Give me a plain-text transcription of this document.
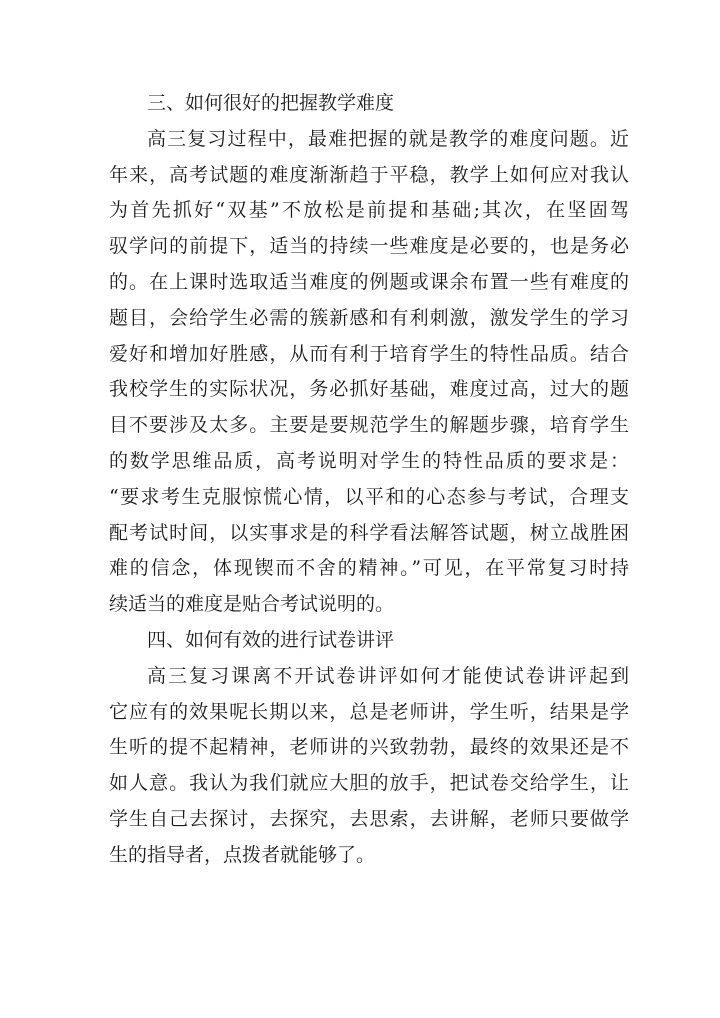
三、如何很好的把握教学难度
高三复习过程中，最难把握的就是教学的难度问题。近
年来，高考试题的难度渐渐趋于平稳，教学上如何应对我认
为首先抓好“双基”不放松是前提和基础;其次，在坚固驾
驭学问的前提下，适当的持续一些难度是必要的，也是务必
的。在上课时选取适当难度的例题或课余布置一些有难度的
题目，会给学生必需的簇新感和有利刺激，激发学生的学习
爱好和增加好胜感，从而有利于培育学生的特性品质。结合
我校学生的实际状况，务必抓好基础，难度过高，过大的题
目不要涉及太多。主要是要规范学生的解题步骤，培育学生
的数学思维品质，高考说明对学生的特性品质的要求是：
“要求考生克服惊慌心情，以平和的心态参与考试，合理支
配考试时间，以实事求是的科学看法解答试题，树立战胜困
难的信念，体现锲而不舍的精神。”可见，在平常复习时持
续适当的难度是贴合考试说明的。
四、如何有效的进行试卷讲评
高三复习课离不开试卷讲评如何才能使试卷讲评起到
它应有的效果呢长期以来，总是老师讲，学生听，结果是学
生听的提不起精神，老师讲的兴致勃勃，最终的效果还是不
如人意。我认为我们就应大胆的放手，把试卷交给学生，让
学生自己去探讨，去探究，去思索，去讲解，老师只要做学
生的指导者，点拨者就能够了。
